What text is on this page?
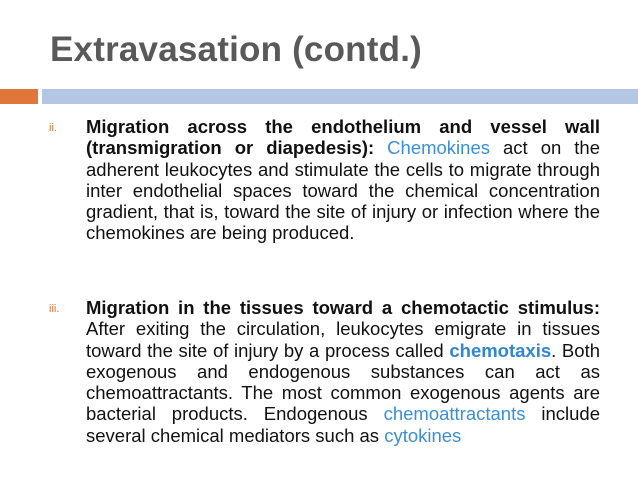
Extravasation (contd.)
ii. Migration across the endothelium and vessel wall (transmigration or diapedesis): Chemokines act on the adherent leukocytes and stimulate the cells to migrate through inter endothelial spaces toward the chemical concentration gradient, that is, toward the site of injury or infection where the chemokines are being produced.
iii. Migration in the tissues toward a chemotactic stimulus: After exiting the circulation, leukocytes emigrate in tissues toward the site of injury by a process called chemotaxis. Both exogenous and endogenous substances can act as chemoattractants. The most common exogenous agents are bacterial products. Endogenous chemoattractants include several chemical mediators such as cytokines
